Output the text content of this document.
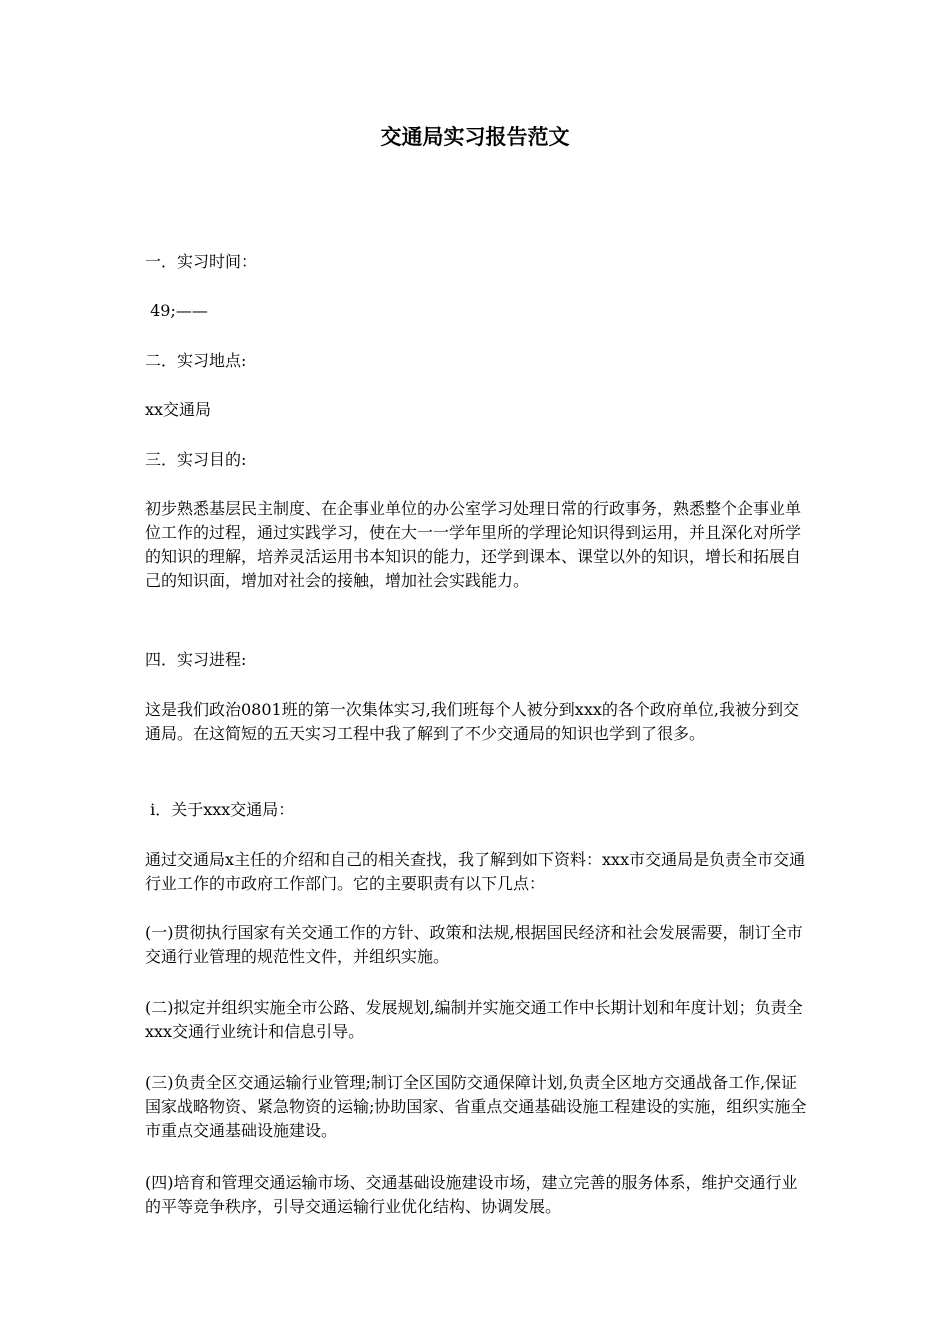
交通局实习报告范文

一．实习时间：

49;——

二．实习地点:

xx交通局

三．实习目的:

初步熟悉基层民主制度、在企事业单位的办公室学习处理日常的行政事务，熟悉整个企事业单位工作的过程，通过实践学习，使在大一一学年里所的学理论知识得到运用，并且深化对所学的知识的理解，培养灵活运用书本知识的能力，还学到课本、课堂以外的知识，增长和拓展自己的知识面，增加对社会的接触，增加社会实践能力。

四．实习进程:

这是我们政治0801班的第一次集体实习,我们班每个人被分到xxx的各个政府单位,我被分到交通局。在这简短的五天实习工程中我了解到了不少交通局的知识也学到了很多。

ⅰ．关于xxx交通局：

通过交通局x主任的介绍和自己的相关查找，我了解到如下资料：xxx市交通局是负责全市交通行业工作的市政府工作部门。它的主要职责有以下几点：

(一)贯彻执行国家有关交通工作的方针、政策和法规,根据国民经济和社会发展需要，制订全市交通行业管理的规范性文件，并组织实施。

(二)拟定并组织实施全市公路、发展规划,编制并实施交通工作中长期计划和年度计划；负责全xxx交通行业统计和信息引导。

(三)负责全区交通运输行业管理;制订全区国防交通保障计划,负责全区地方交通战备工作,保证国家战略物资、紧急物资的运输;协助国家、省重点交通基础设施工程建设的实施，组织实施全市重点交通基础设施建设。

(四)培育和管理交通运输市场、交通基础设施建设市场，建立完善的服务体系，维护交通行业的平等竞争秩序，引导交通运输行业优化结构、协调发展。
